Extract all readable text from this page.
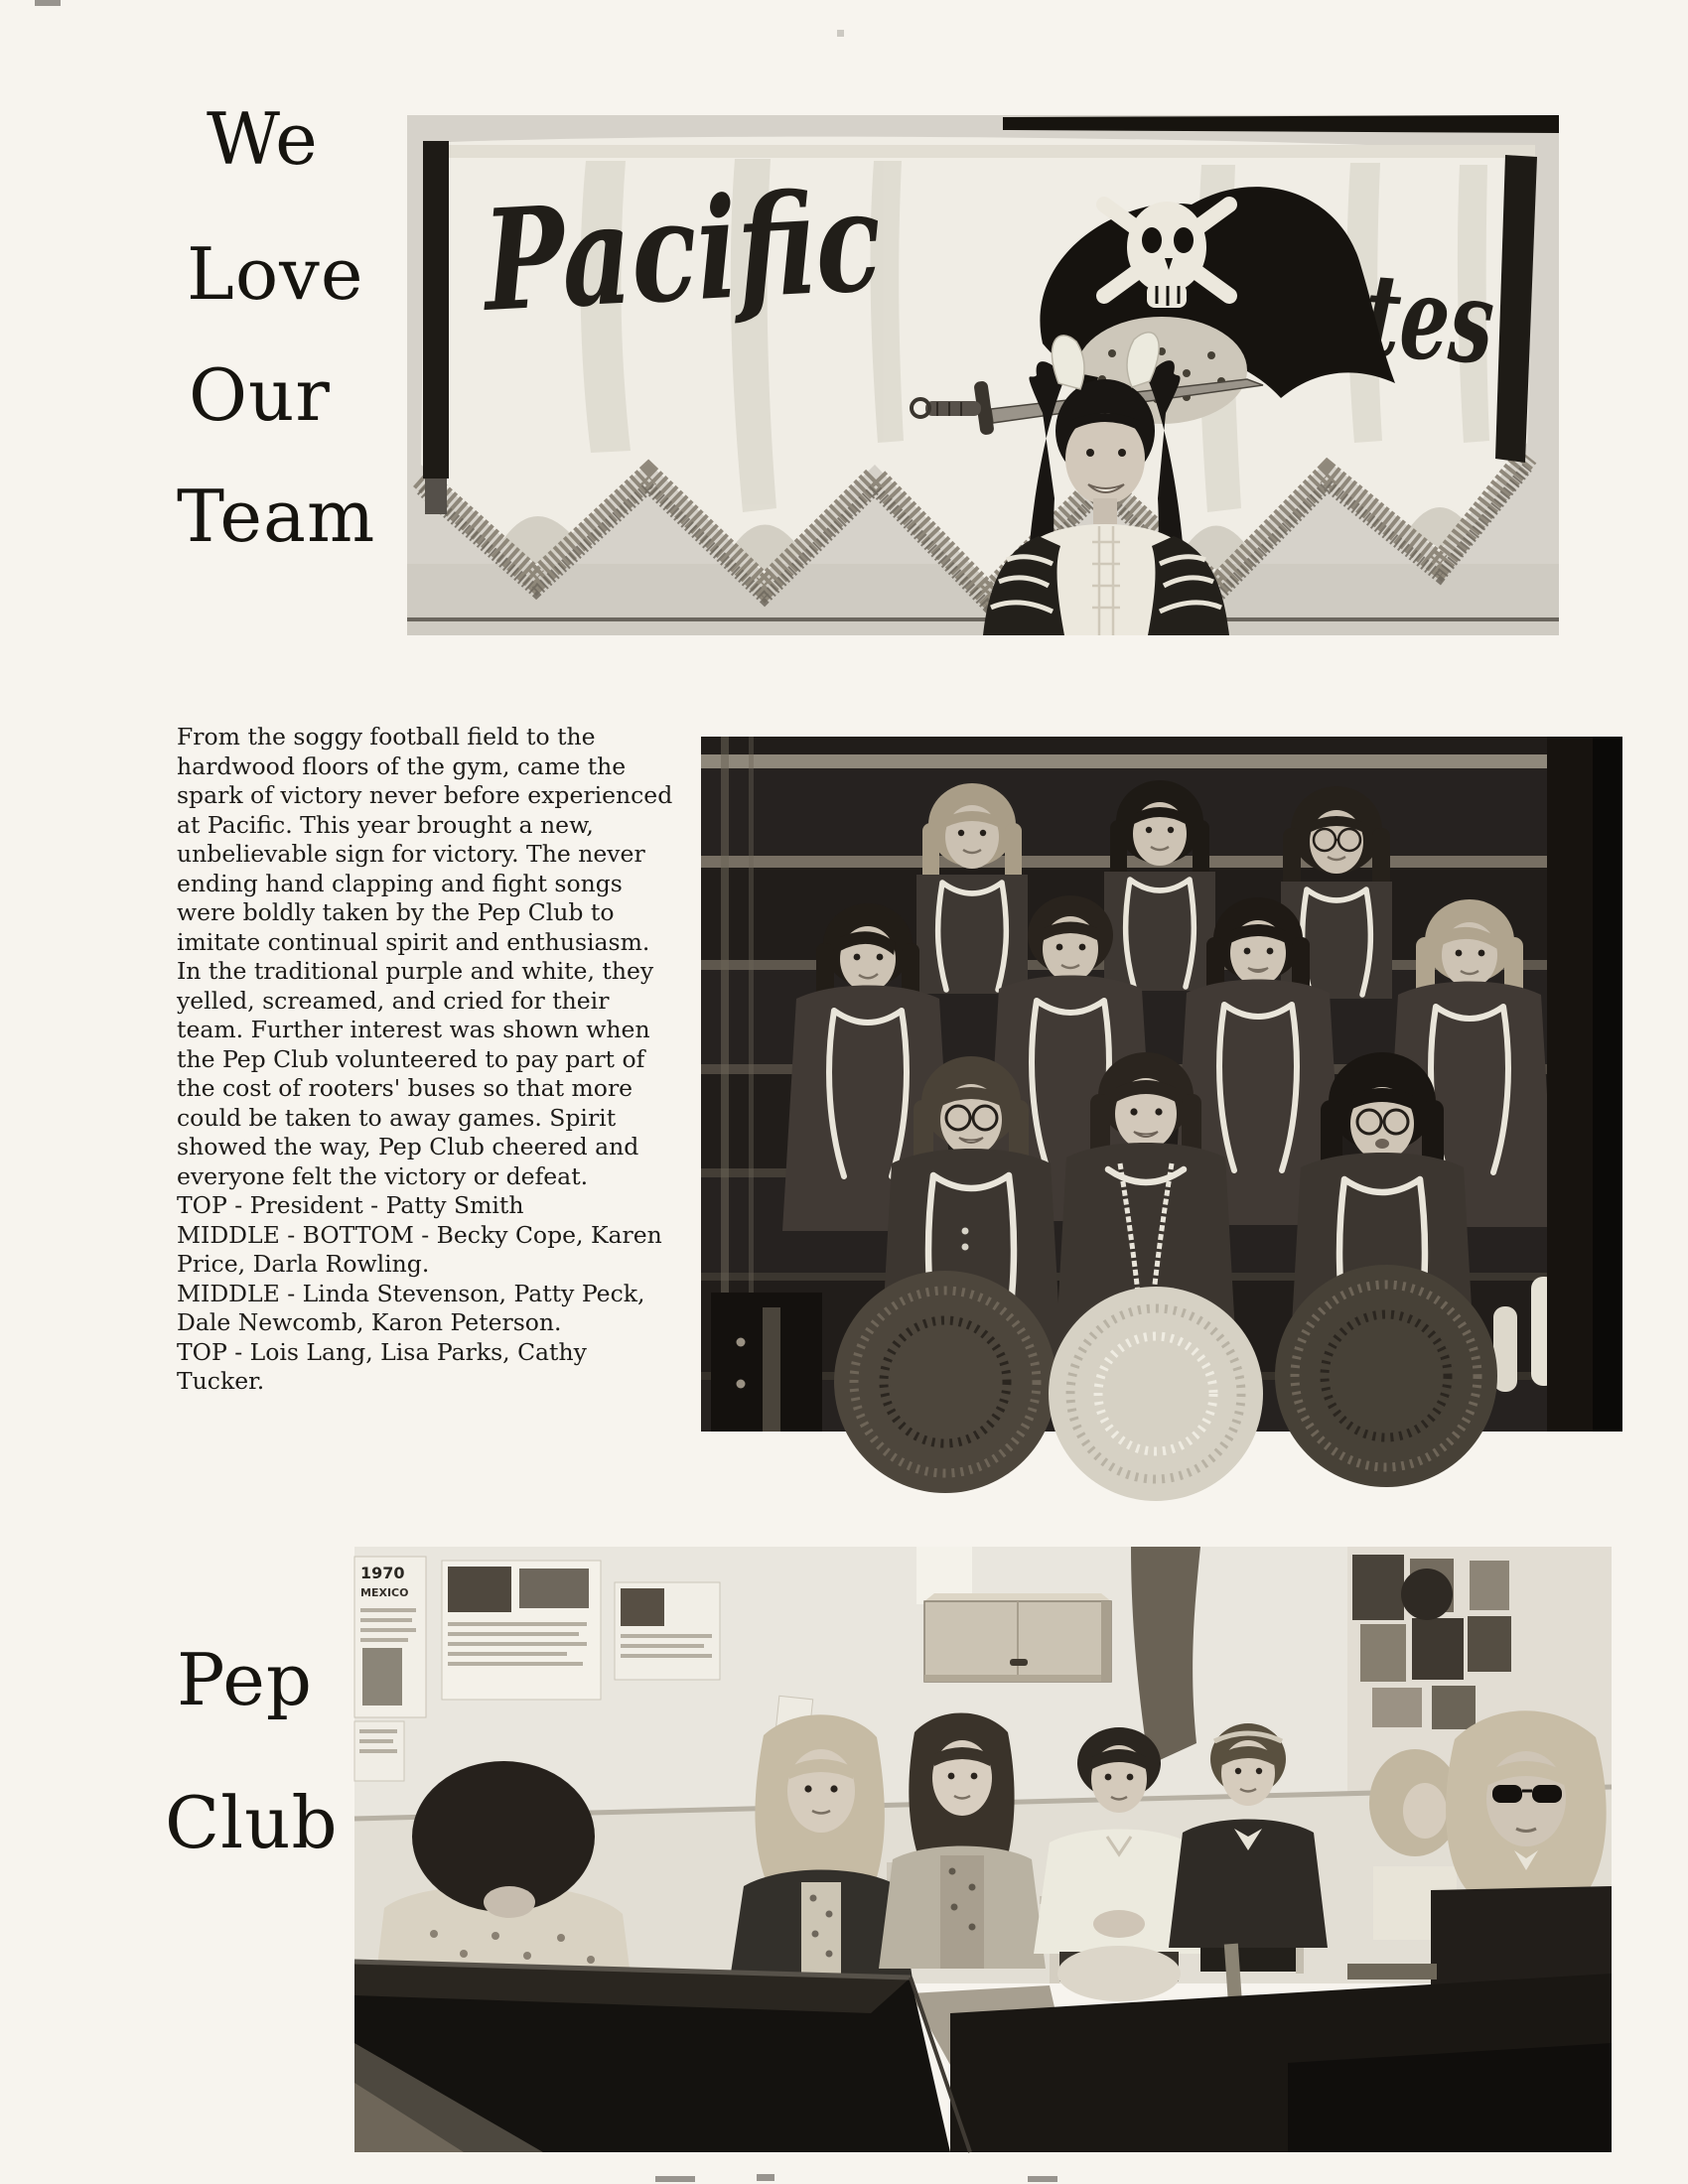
We
Love
Our
Team
Pacific Pirates

From the soggy football field to the hardwood floors of the gym, came the spark of victory never before experienced at Pacific. This year brought a new, unbelievable sign for victory. The never ending hand clapping and fight songs were boldly taken by the Pep Club to imitate continual spirit and enthusiasm. In the traditional purple and white, they yelled, screamed, and cried for their team. Further interest was shown when the Pep Club volunteered to pay part of the cost of rooters' buses so that more could be taken to away games. Spirit showed the way, Pep Club cheered and everyone felt the victory or defeat.

TOP - President - Patty Smith
MIDDLE - BOTTOM - Becky Cope, Karen Price, Darla Rowling.
MIDDLE - Linda Stevenson, Patty Peck, Dale Newcomb, Karon Peterson.
TOP - Lois Lang, Lisa Parks, Cathy Tucker.
Pep
Club
1970
MEXICO
